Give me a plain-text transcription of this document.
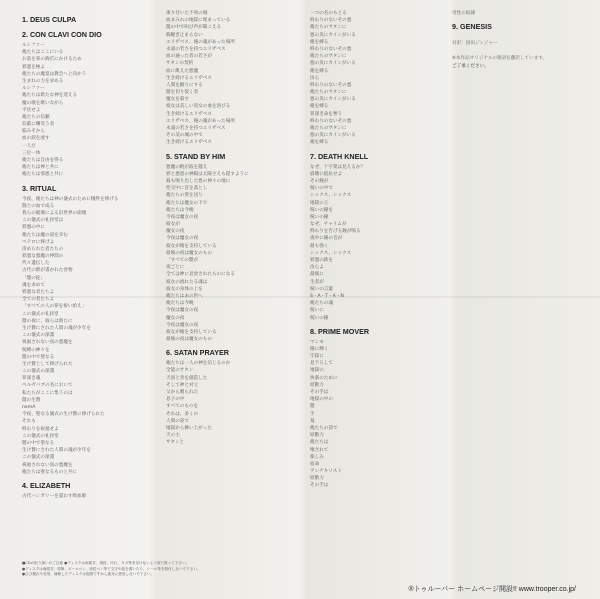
1. DEUS CULPA
2. CON CLAVI CON DIO
ルシファー
俺たちはここにいる
お前を罪の鉤爪にかけるため
邪悪を極よ
俺たちの魔宴は教会へと向かう
生まれの力を求める
ルシファー
俺たちは新たな神を迎える
魔の歌を歌いながら
平伏せよ
俺たちの信頼
荘厳に嘲笑う者
脳みそから
血の涙を流す
一人だ
三位一体
俺たちは自由を得る
俺たちは神と共に
俺たちは邪悪と共に
3. RITUAL
今夜、俺たちは神の儀式のために犠牲を捧げる
闘士の血で成る
我らの破壊による旧世界の崩壊
この儀式の礼拝堂は
邪悪の中に
俺たちは魔の道を歩む
ペテロに捧げよ
清められた者たちの
邪悪な悪魔の仲間の
代々遺伝した
古代の獣が書かれた巻物
「闇の掟」
魂を求めて
邪悪な者たちよ
全ての者たちよ
「すべての人の罪を祓い給え」
この儀式の礼拝堂
闇の夜に、彼らは新たに
生け贄にされた人間の魂が少年を
この儀式の深淵
祝福されない真の悪魔を
呪縛の神々を
闇の中で聖なる
生け贄として捧げられた
この儀式の深淵
罪深き魂
ベルゼバブの名において
私たちがここに集うのは
闇の生贄
nemA
今夜、聖なる儀式の生け贄に捧げられた
それも
終わりを祝福せよ
この儀式の礼拝堂
闇の中で聖なる
生け贄にされた人間の魂が少年を
この儀式の深淵
祝福されない真の悪魔を
俺たちは聖なるものと共に
4. ELIZABETH
古代ハンガリーを震わす吸血姫
凍り付いた不死の城
血まみれの地獄に埋まっている
闇の中で叫び声が聞こえる
胸騒ぎ止まらない
エリザベス、俺の魂があった場所
永遠の若さを持つエリザベス
血の通った者の若さが
サタンの契約
血に飢えた悪魔
生き続けるエリザベス
人間を頼りにする
闇を切り裂く者
魔女を殺す
彼女は美しい処女の血を浴びる
生き続けるエリザベス
エリザベス、俺の魂があった場所
永遠の若さを持つエリザベス
その美の城の中で
生き続けるエリザベス
5. STAND BY HIM
悪魔の帆が波を越え
邪と悪意の神殿は太陽さえも隠すように
殺も鳴り出した悪の神々の地に
性交中に首を落とし
俺たちの愛を送り
俺たちは魔女の下で
俺たちは今晩
今夜は魔女の夜
彼女が
魔女の夜
今夜は魔女の夜
彼女が俺を支持している
最後の夜は魔女のもの
「すべての闇が
夜ごとに
全ては神に見放されたものになる
彼女の流れたる魂は
彼女の身体の上を
俺たちはあの世へ
俺たちは今晩
今夜は魔女の夜
魔女の夜
今夜は魔女の夜
彼女が俺を支持している
最後の夜は魔女のもの
6. SATAN PRAYER
俺たちは一人の神を信じるのか
全能のサタン
天国と善を創造した
そして神と対立
父から贈られた
息子の中
すべてのものを
それは、多くの
人間の姿で
地獄から舞い上がった
天の主
サタンと
一つの名のもとる
終わりのないその悪
俺たちのサタンに
悪の災にカインがいる
俺を縛る
終わりのないその悪
俺たちのサタンに
悪の災にカインがいる
俺を縛る
汝ら
終わりのないその悪
俺たちのサタンに
悪の災にカインがいる
俺を縛る
罪深き命を奪う
終わりのないその悪
俺たちのサタンに
悪の災にカインがいる
俺を縛る
7. DEATH KNELL
なぜ、十字架は見えるか？
崩壊に抵抗せよ
その鐘が
呪いの中で
シックス、シックス
地獄の王
呪いの鐘を
呪いの鐘
なぜ、チャイムが
終わりを告げる鐘が鳴る
夜中に鐘の音が
最も強く
シックス、シックス
邪悪の鉄を
汝らよ
最後に
生者が
呪いの言葉
S・A・T・A・N
俺たちの魂
呪いに
呪いの鐘
8. PRIME MOVER
マンモ
陽に輝く
牢獄に
見下ろして
地獄の
快楽のために
原動力
その手は
地獄の中の
闇
手
墓
俺たちの前で
原動力
俺たちは
壊されて
楽しみ
宿命
アンチキリスト
原動力
その手は
母性の奴隷
9. GENESIS
対訳：国田ジンジャー
※本作品オリジナルの歌詞を翻訳しています。
ご了承ください。
■CDの取り扱いのご注意 ●ディスクは両面共、指紋、汚れ、キズ等を付けないよう取り扱って下さい。
●ディスクは両面共、鉛筆、ボールペン、油性ペン等で文字や絵を書いたり、シール等を貼付しないで下さい。
●ひび割れや変形、補修したディスクは危険ですから絶対に使用しないで下さい。
®トゥルーパー ホームページ開設!! www.trooper.co.jp/
